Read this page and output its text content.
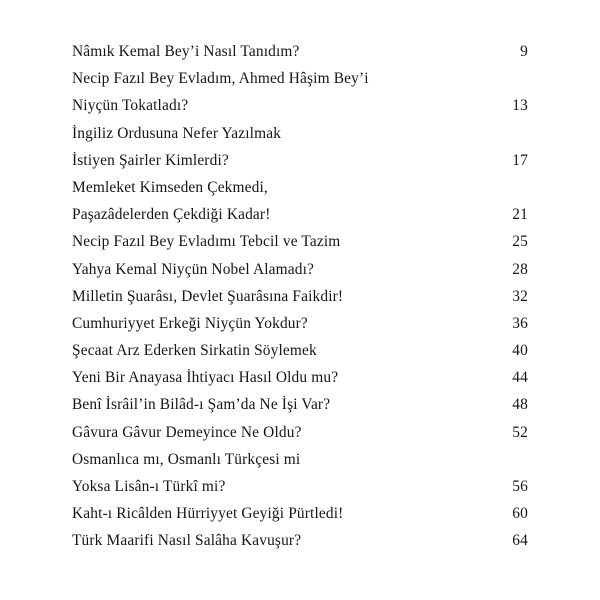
Nâmık Kemal Bey’i Nasıl Tanıdım? .....	9
Necip Fazıl Bey Evladım, Ahmed Hâşim Bey’i
Niyçün Tokatladı? .....	13
İngiliz Ordusuna Nefer Yazılmak
İstiyen Şairler Kimlerdi? .....	17
Memleket Kimseden Çekmedi,
Paşazâdelerden Çekdiği Kadar! .....	21
Necip Fazıl Bey Evladımı Tebcil ve Tazim .....	25
Yahya Kemal Niyçün Nobel Alamadı? .....	28
Milletin Şuarâsı, Devlet Şuarâsına Faikdir! .....	32
Cumhuriyyet Erkeği Niyçün Yokdur? .....	36
Şecaat Arz Ederken Sirkatin Söylemek .....	40
Yeni Bir Anayasa İhtiyacı Hasıl Oldu mu? .....	44
Benî İsrâil’in Bilâd-ı Şam’da Ne İşi Var? .....	48
Gâvura Gâvur Demeyince Ne Oldu? .....	52
Osmanlıca mı, Osmanlı Türkçesi mi
Yoksa Lisân-ı Türkî mi? .....	56
Kaht-ı Ricâlden Hürriyyet Geyiği Pürtledi! .....	60
Türk Maarifi Nasıl Salâha Kavuşur? .....	64
